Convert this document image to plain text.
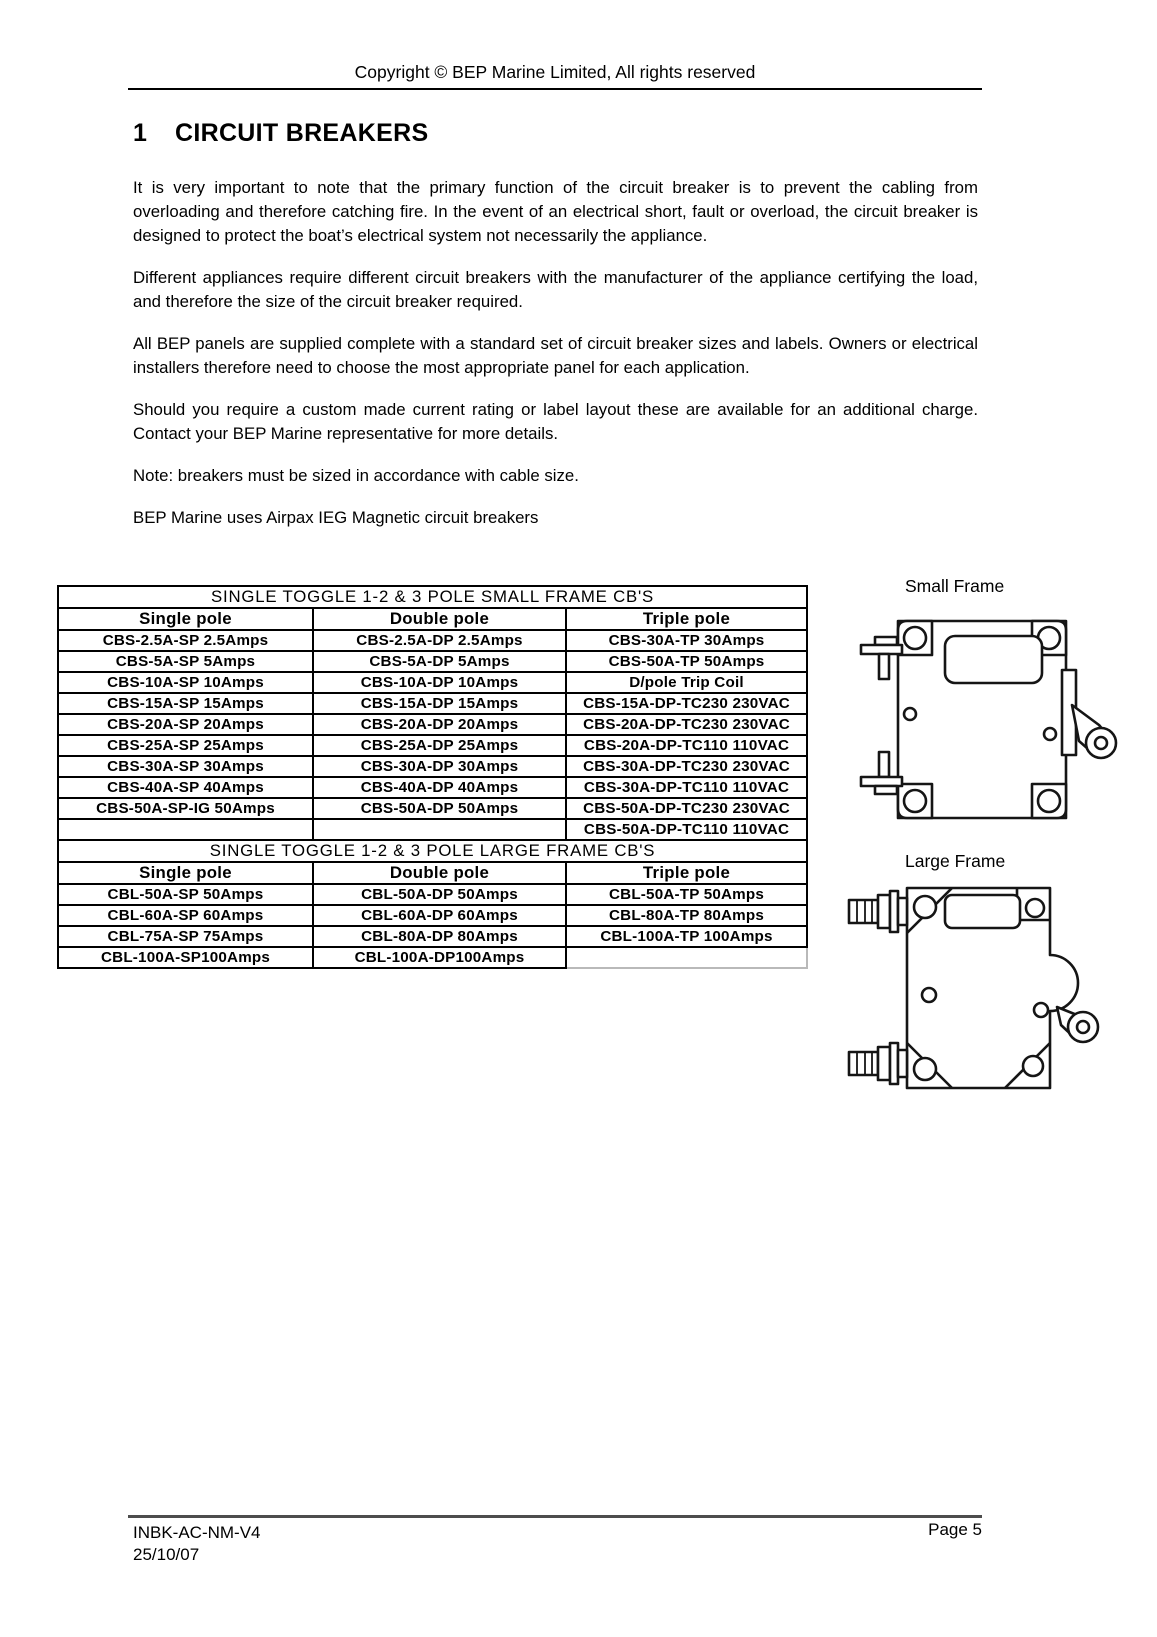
Copyright © BEP Marine Limited, All rights reserved
1 CIRCUIT BREAKERS

It is very important to note that the primary function of the circuit breaker is to prevent the cabling from overloading and therefore catching fire. In the event of an electrical short, fault or overload, the circuit breaker is designed to protect the boat’s electrical system not necessarily the appliance.

Different appliances require different circuit breakers with the manufacturer of the appliance certifying the load, and therefore the size of the circuit breaker required.

All BEP panels are supplied complete with a standard set of circuit breaker sizes and labels. Owners or electrical installers therefore need to choose the most appropriate panel for each application.

Should you require a custom made current rating or label layout these are available for an additional charge. Contact your BEP Marine representative for more details.

Note: breakers must be sized in accordance with cable size.

BEP Marine uses Airpax IEG Magnetic circuit breakers

SINGLE TOGGLE 1-2 & 3 POLE SMALL FRAME CB'S		
Single pole	Double pole	Triple pole
CBS-2.5A-SP 2.5Amps	CBS-2.5A-DP 2.5Amps	CBS-30A-TP 30Amps
CBS-5A-SP 5Amps	CBS-5A-DP 5Amps	CBS-50A-TP 50Amps
CBS-10A-SP 10Amps	CBS-10A-DP 10Amps	D/pole Trip Coil
CBS-15A-SP 15Amps	CBS-15A-DP 15Amps	CBS-15A-DP-TC230 230VAC
CBS-20A-SP 20Amps	CBS-20A-DP 20Amps	CBS-20A-DP-TC230 230VAC
CBS-25A-SP 25Amps	CBS-25A-DP 25Amps	CBS-20A-DP-TC110 110VAC
CBS-30A-SP 30Amps	CBS-30A-DP 30Amps	CBS-30A-DP-TC230 230VAC
CBS-40A-SP 40Amps	CBS-40A-DP 40Amps	CBS-30A-DP-TC110 110VAC
CBS-50A-SP-IG 50Amps	CBS-50A-DP 50Amps	CBS-50A-DP-TC230 230VAC
		CBS-50A-DP-TC110 110VAC
SINGLE TOGGLE 1-2 & 3 POLE LARGE FRAME CB'S		
Single pole	Double pole	Triple pole
CBL-50A-SP 50Amps	CBL-50A-DP 50Amps	CBL-50A-TP 50Amps
CBL-60A-SP 60Amps	CBL-60A-DP 60Amps	CBL-80A-TP 80Amps
CBL-75A-SP 75Amps	CBL-80A-DP 80Amps	CBL-100A-TP 100Amps
CBL-100A-SP100Amps	CBL-100A-DP100Amps	
Small Frame
Large Frame
INBK-AC-NM-V4
25/10/07
Page 5
